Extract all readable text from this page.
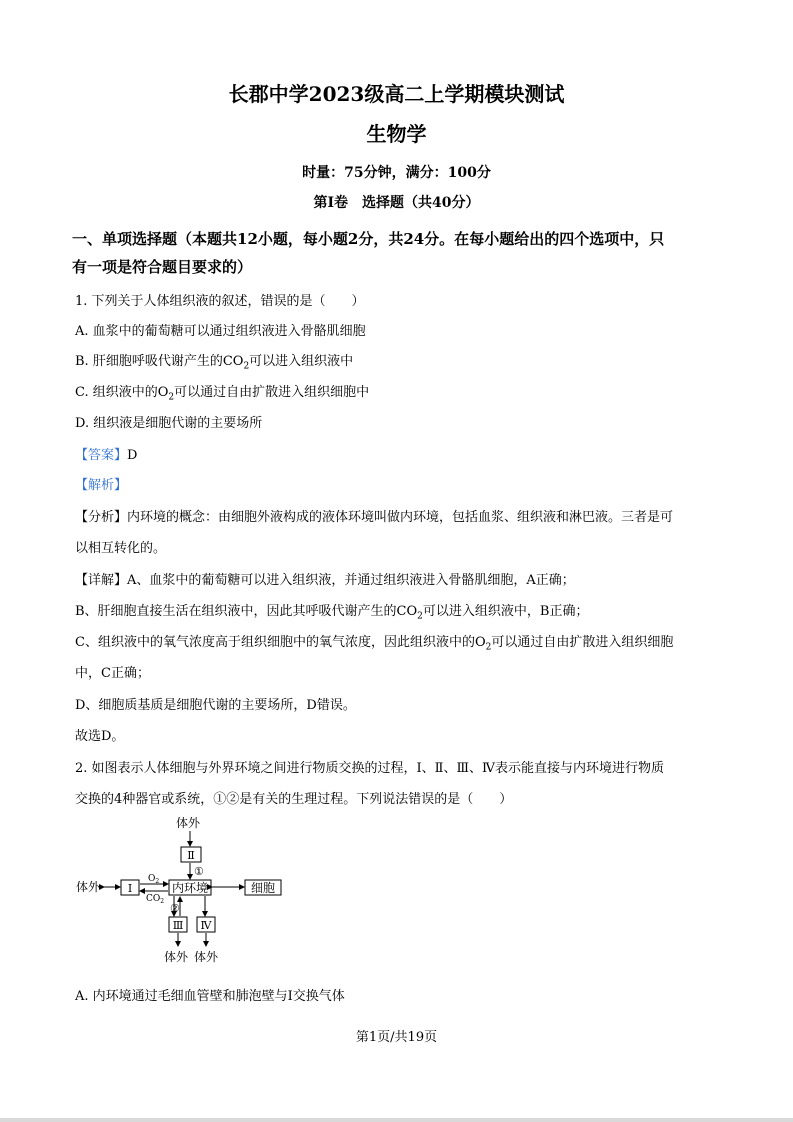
长郡中学2023级高二上学期模块测试
生物学
时量：75分钟，满分：100分
第Ⅰ卷　选择题（共40分）
一、单项选择题（本题共12小题，每小题2分，共24分。在每小题给出的四个选项中，只
有一项是符合题目要求的）
1. 下列关于人体组织液的叙述，错误的是（　　）
A. 血浆中的葡萄糖可以通过组织液进入骨骼肌细胞
B. 肝细胞呼吸代谢产生的$CO_2$可以进入组织液中
C. 组织液中的$O_2$可以通过自由扩散进入组织细胞中
D. 组织液是细胞代谢的主要场所
【答案】D
【解析】
【分析】内环境的概念：由细胞外液构成的液体环境叫做内环境，包括血浆、组织液和淋巴液。三者是可
以相互转化的。
【详解】A、血浆中的葡萄糖可以进入组织液，并通过组织液进入骨骼肌细胞，A正确；
B、肝细胞直接生活在组织液中，因此其呼吸代谢产生的$CO_2$可以进入组织液中，B正确；
C、组织液中的氧气浓度高于组织细胞中的氧气浓度，因此组织液中的$O_2$可以通过自由扩散进入组织细胞
中，C正确；
D、细胞质基质是细胞代谢的主要场所，D错误。
故选D。
2. 如图表示人体细胞与外界环境之间进行物质交换的过程，Ⅰ、Ⅱ、Ⅲ、Ⅳ表示能直接与内环境进行物质
交换的4种器官或系统，①②是有关的生理过程。下列说法错误的是（　　）
体外
Ⅱ
①
体外	Ⅰ
$O_2$
$CO_2$
内环境	细胞
②
Ⅲ Ⅳ
体外 体外
A. 内环境通过毛细血管壁和肺泡壁与Ⅰ交换气体
第1页/共19页
